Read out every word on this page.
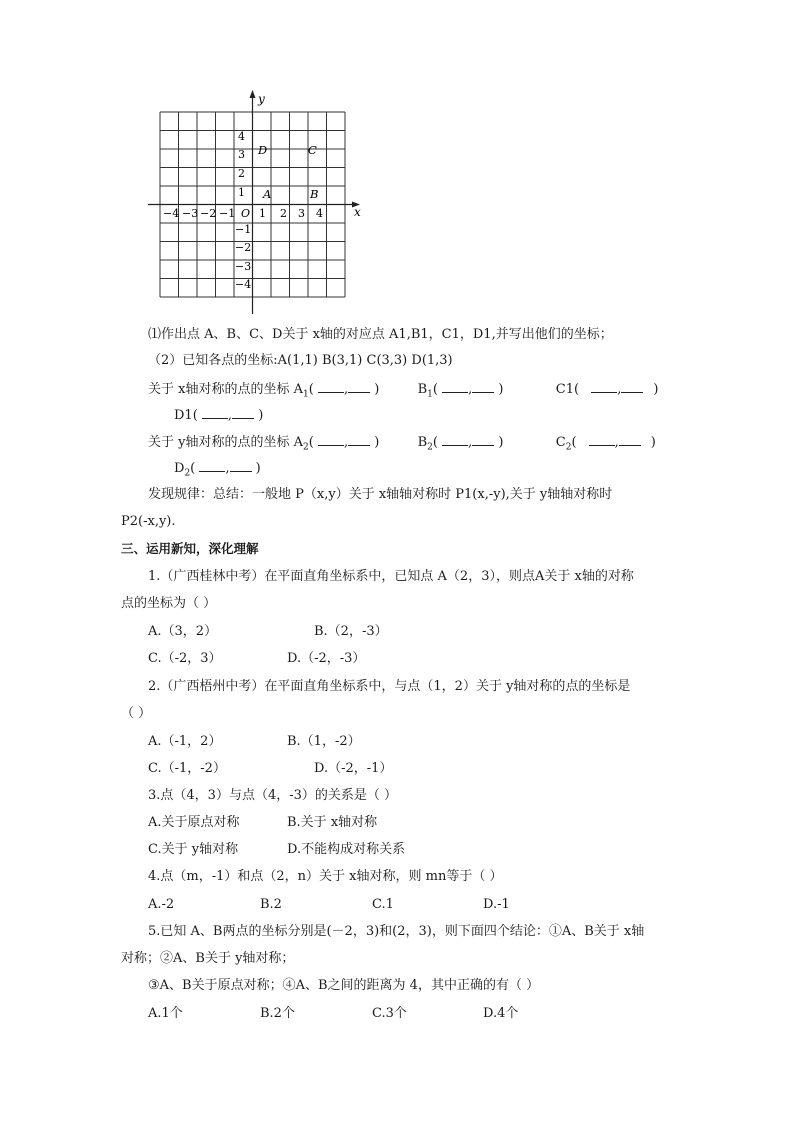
x
y
D	C
A	B
4
3
2
1
−1
−2
−3
−4
−4 −3 −2 −1 O 1 2 3 4
⑴作出点 A、B、C、D关于 x轴的对应点 A1,B1，C1，D1,并写出他们的坐标；
（2）已知各点的坐标:A(1,1) B(3,1) C(3,3) D(1,3)
关于 x轴对称的点的坐标 $A_1$( , )	$B_1$( , )	C1(	, )
D1( , )
关于 y轴对称的点的坐标 $A_2$( , )	$B_2$( , )	$C_2$(	, )
$D_2$( , )
发现规律：总结：一般地 P（x,y）关于 x轴轴对称时 P1(x,-y),关于 y轴轴对称时
P2(-x,y).
三、运用新知，深化理解
1.（广西桂林中考）在平面直角坐标系中，已知点 A（2，3），则点A关于 x轴的对称
点的坐标为（ ）
A.（3，2）	B.（2，-3）
C.（-2，3）	D.（-2，-3）
2.（广西梧州中考）在平面直角坐标系中，与点（1，2）关于 y轴对称的点的坐标是
（ ）
A.（-1，2）	B.（1，-2）
C.（-1，-2）	D.（-2，-1）
3.点（4，3）与点（4，-3）的关系是（ ）
A.关于原点对称	B.关于 x轴对称
C.关于 y轴对称	D.不能构成对称关系
4.点（m，-1）和点（2，n）关于 x轴对称，则 mn等于（ ）
A.-2	B.2	C.1	D.-1
5.已知 A、B两点的坐标分别是(－2，3)和(2，3)，则下面四个结论：①A、B关于 x轴
对称；②A、B关于 y轴对称；
③A、B关于原点对称；④A、B之间的距离为 4，其中正确的有（ ）
A.1个	B.2个	C.3个	D.4个
